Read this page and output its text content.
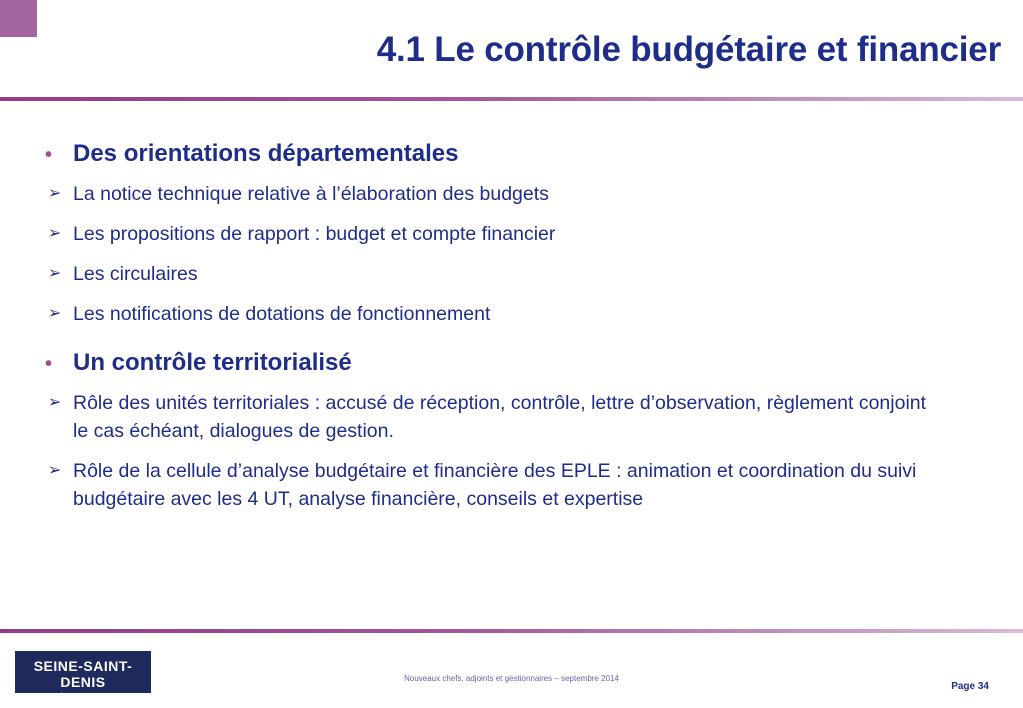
4.1 Le contrôle budgétaire et financier
• Des orientations départementales
➢ La notice technique relative à l’élaboration des budgets
➢ Les propositions de rapport : budget et compte financier
➢ Les circulaires
➢ Les notifications de dotations de fonctionnement
• Un contrôle territorialisé
➢ Rôle des unités territoriales : accusé de réception, contrôle, lettre d’observation, règlement conjoint le cas échéant, dialogues de gestion.
➢ Rôle de la cellule d’analyse budgétaire et financière des EPLE : animation et coordination du suivi budgétaire avec les 4 UT, analyse financière, conseils et expertise
SEINE-SAINT-DENIS
LE DÉPARTEMENT
Nouveaux chefs, adjoints et gestionnaires – septembre 2014
Page 34
